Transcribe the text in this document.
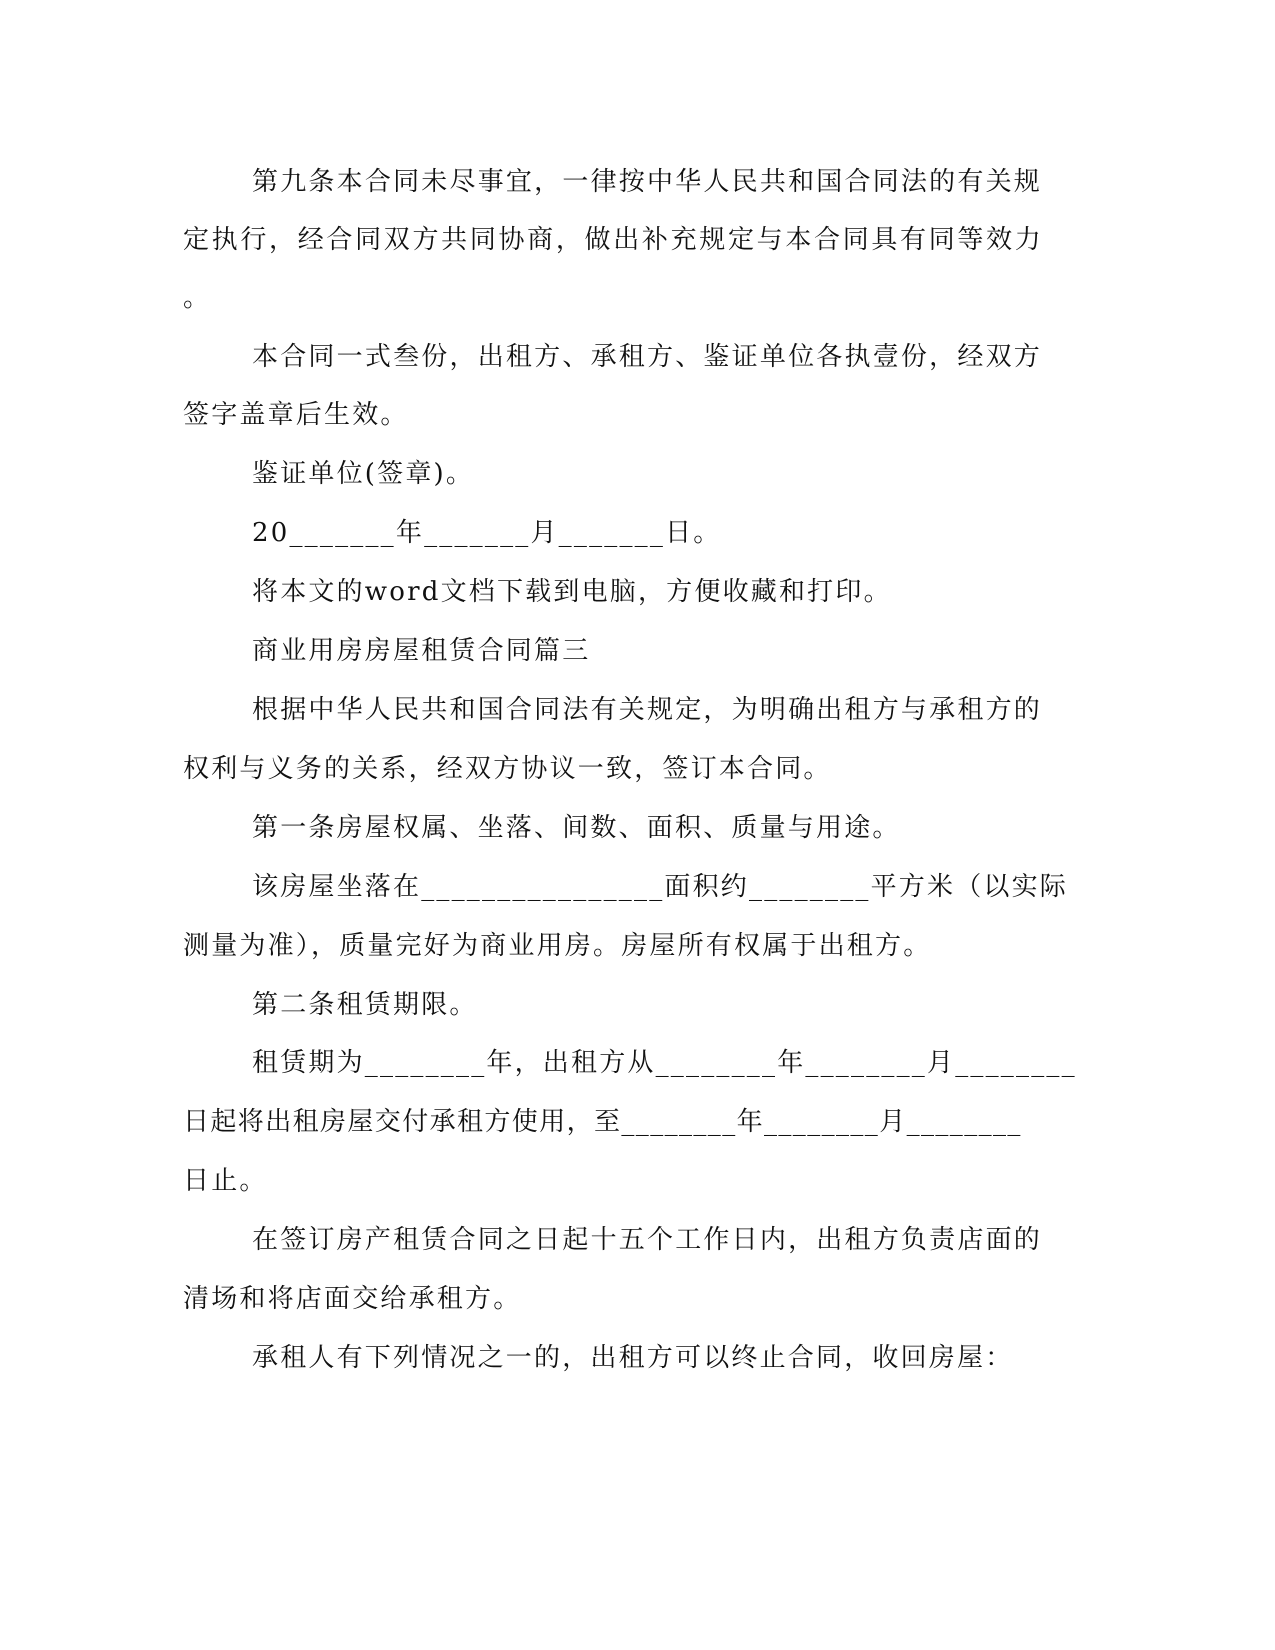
第九条本合同未尽事宜，一律按中华人民共和国合同法的有关规
定执行，经合同双方共同协商，做出补充规定与本合同具有同等效力
。
本合同一式叁份，出租方、承租方、鉴证单位各执壹份，经双方
签字盖章后生效。
鉴证单位(签章)。
20_______年_______月_______日。
将本文的word文档下载到电脑，方便收藏和打印。
商业用房房屋租赁合同篇三
根据中华人民共和国合同法有关规定，为明确出租方与承租方的
权利与义务的关系，经双方协议一致，签订本合同。
第一条房屋权属、坐落、间数、面积、质量与用途。
该房屋坐落在________________面积约________平方米（以实际
测量为准），质量完好为商业用房。房屋所有权属于出租方。
第二条租赁期限。
租赁期为________年，出租方从________年________月________
日起将出租房屋交付承租方使用，至________年________月________
日止。
在签订房产租赁合同之日起十五个工作日内，出租方负责店面的
清场和将店面交给承租方。
承租人有下列情况之一的，出租方可以终止合同，收回房屋：
